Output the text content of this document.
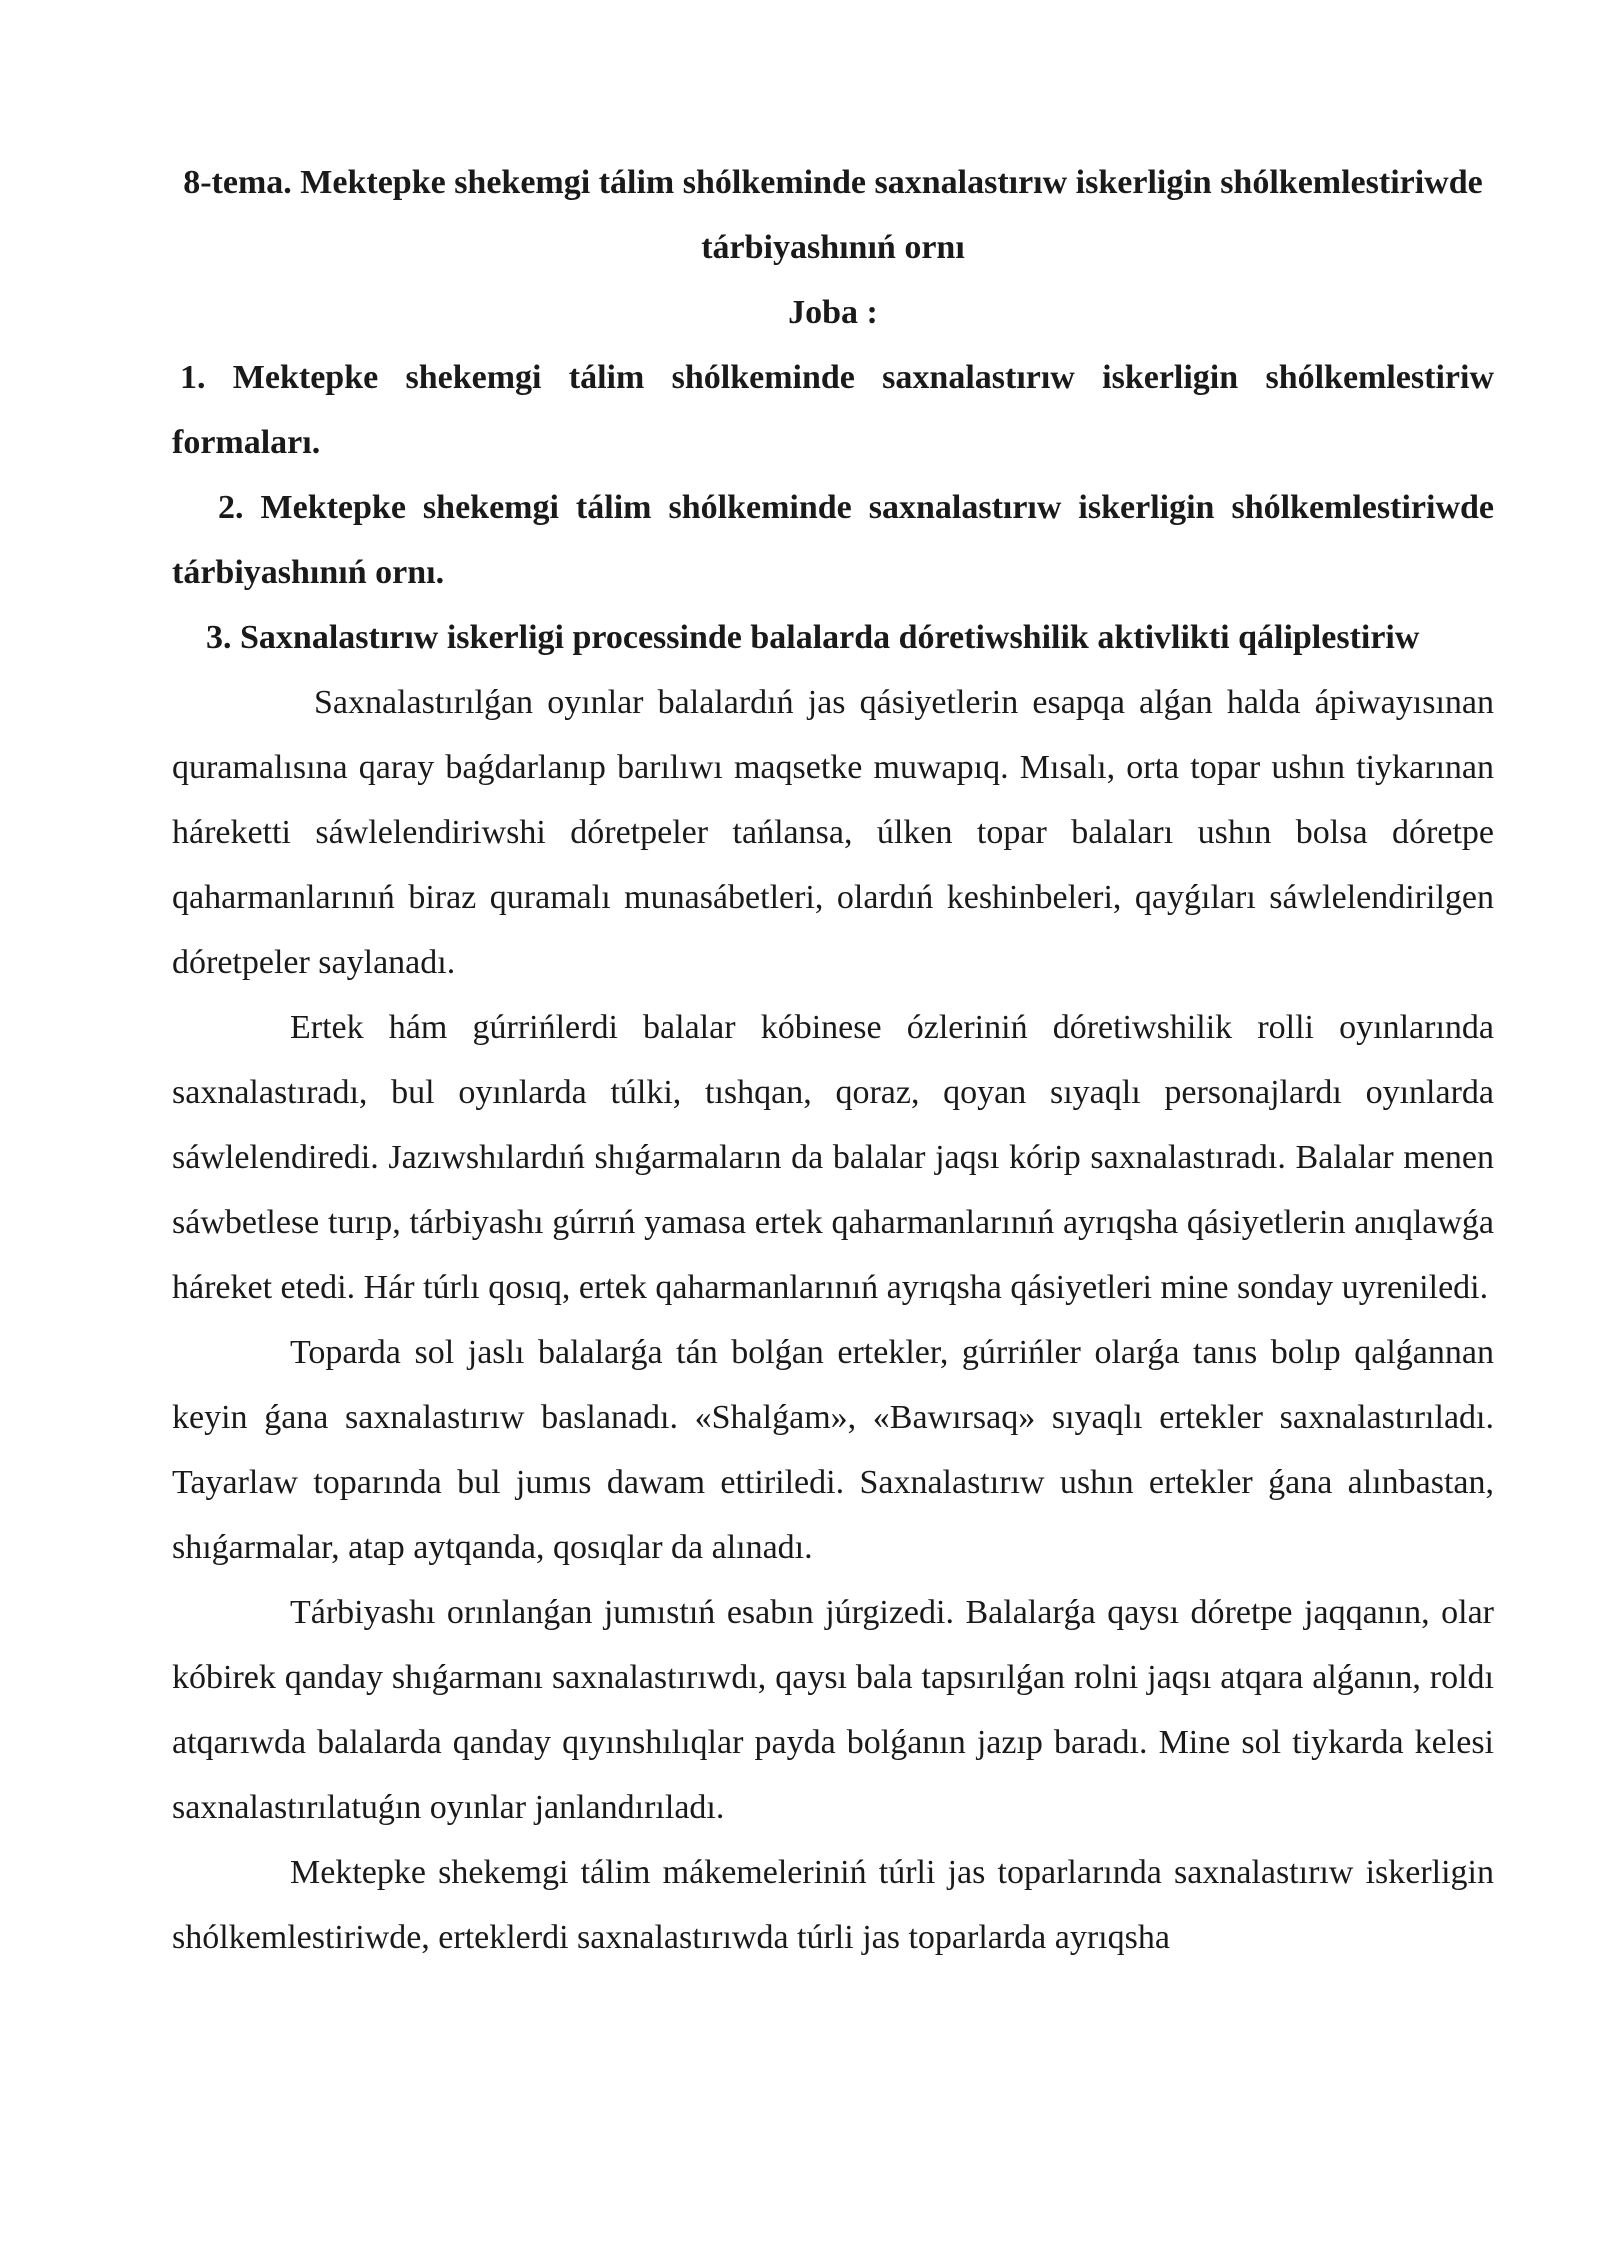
8-tema. Mektepke shekemgi tálim shólkeminde saxnalastırıw iskerligin shólkemlestiriwde tárbiyashınıń ornı

Joba :

1. Mektepke shekemgi tálim shólkeminde saxnalastırıw iskerligin shólkemlestiriw formaları.

2. Mektepke shekemgi tálim shólkeminde saxnalastırıw iskerligin shólkemlestiriwde tárbiyashınıń ornı.

3. Saxnalastırıw iskerligi processinde balalarda dóretiwshilik aktivlikti qáliplestiriw

Saxnalastırılǵan oyınlar balalardıń jas qásiyetlerin esapqa alǵan halda ápiwayısınan quramalısına qaray baǵdarlanıp barılıwı maqsetke muwapıq. Mısalı, orta topar ushın tiykarınan háreketti sáwlelendiriwshi dóretpeler tańlansa, úlken topar balaları ushın bolsa dóretpe qaharmanlarınıń biraz quramalı munasábetleri, olardıń keshinbeleri, qayǵıları sáwlelendirilgen dóretpeler saylanadı.

Ertek hám gúrrińlerdi balalar kóbinese ózleriniń dóretiwshilik rolli oyınlarında saxnalastıradı, bul oyınlarda túlki, tıshqan, qoraz, qoyan sıyaqlı personajlardı oyınlarda sáwlelendiredi. Jazıwshılardıń shıǵarmaların da balalar jaqsı kórip saxnalastıradı. Balalar menen sáwbetlese turıp, tárbiyashı gúrrıń yamasa ertek qaharmanlarınıń ayrıqsha qásiyetlerin anıqlawǵa háreket etedi. Hár túrlı qosıq, ertek qaharmanlarınıń ayrıqsha qásiyetleri mine sonday uyreniledi.

Toparda sol jaslı balalarǵa tán bolǵan ertekler, gúrrińler olarǵa tanıs bolıp qalǵannan keyin ǵana saxnalastırıw baslanadı. «Shalǵam», «Bawırsaq» sıyaqlı ertekler saxnalastırıladı. Tayarlaw toparında bul jumıs dawam ettiriledi. Saxnalastırıw ushın ertekler ǵana alınbastan, shıǵarmalar, atap aytqanda, qosıqlar da alınadı.

Tárbiyashı orınlanǵan jumıstıń esabın júrgizedi. Balalarǵa qaysı dóretpe jaqqanın, olar kóbirek qanday shıǵarmanı saxnalastırıwdı, qaysı bala tapsırılǵan rolni jaqsı atqara alǵanın, roldı atqarıwda balalarda qanday qıyınshılıqlar payda bolǵanın jazıp baradı. Mine sol tiykarda kelesi saxnalastırılatuǵın oyınlar janlandırıladı.

Mektepke shekemgi tálim mákemeleriniń túrli jas toparlarında saxnalastırıw iskerligin shólkemlestiriwde, erteklerdi saxnalastırıwda túrli jas toparlarda ayrıqsha
